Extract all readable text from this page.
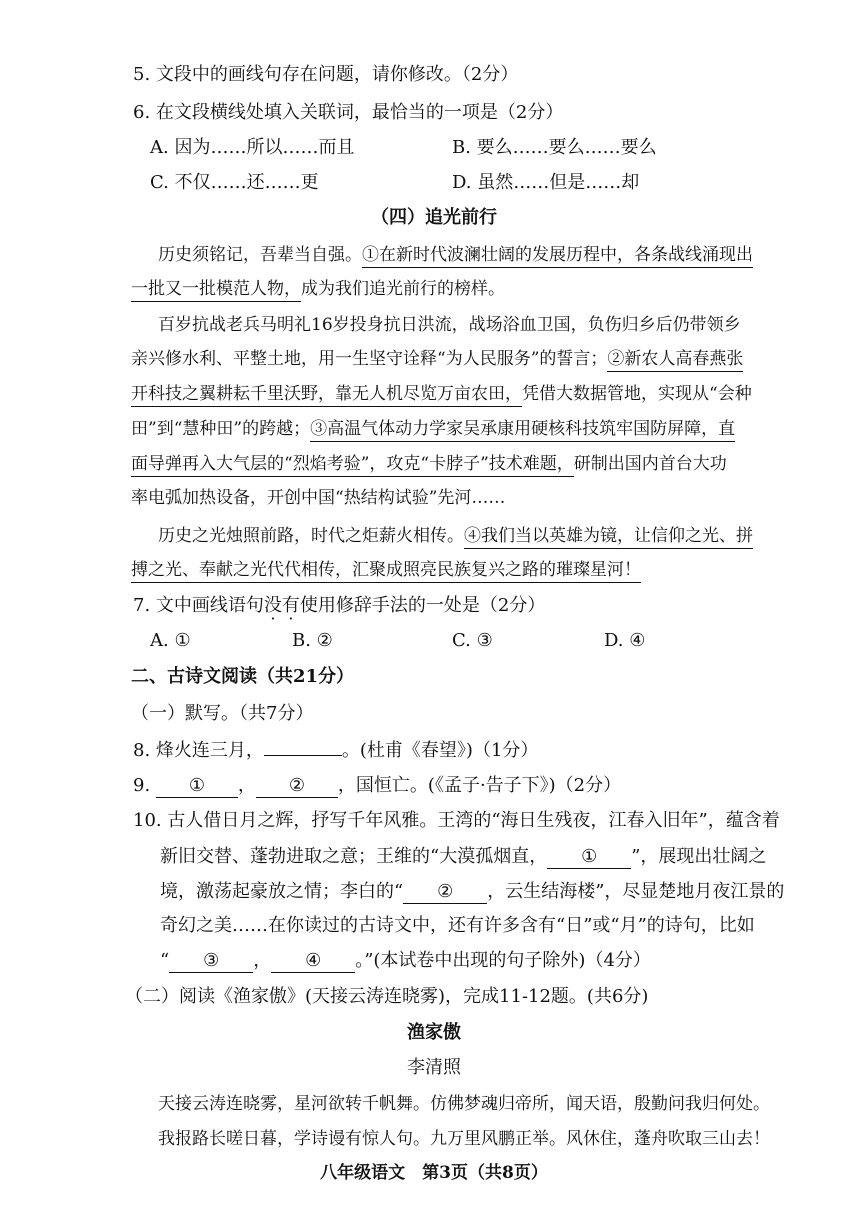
5. 文段中的画线句存在问题，请你修改。（2分）
6. 在文段横线处填入关联词，最恰当的一项是（2分）
A. 因为……所以……而且	B. 要么……要么……要么
C. 不仅……还……更	D. 虽然……但是……却
（四）追光前行
历史须铭记，吾辈当自强。①在新时代波澜壮阔的发展历程中，各条战线涌现出
一批又一批模范人物，成为我们追光前行的榜样。
百岁抗战老兵马明礼16岁投身抗日洪流，战场浴血卫国，负伤归乡后仍带领乡
亲兴修水利、平整土地，用一生坚守诠释“为人民服务”的誓言；②新农人高春燕张
开科技之翼耕耘千里沃野，靠无人机尽览万亩农田，凭借大数据管地，实现从“会种
田”到“慧种田”的跨越；③高温气体动力学家吴承康用硬核科技筑牢国防屏障，直
面导弹再入大气层的“烈焰考验”，攻克“卡脖子”技术难题，研制出国内首台大功
率电弧加热设备，开创中国“热结构试验”先河……
历史之光烛照前路，时代之炬薪火相传。④我们当以英雄为镜，让信仰之光、拼
搏之光、奉献之光代代相传，汇聚成照亮民族复兴之路的璀璨星河！
7. 文中画线语句没有使用修辞手法的一处是（2分）
A. ①	B. ②	C. ③	D. ④
二、古诗文阅读（共21分）
（一）默写。（共7分）
8. 烽火连三月，	。(杜甫《春望》)（1分）
9. ① ， ② ，国恒亡。(《孟子·告子下》)（2分）
10. 古人借日月之辉，抒写千年风雅。王湾的“海日生残夜，江春入旧年”，蕴含着
新旧交替、蓬勃进取之意；王维的“大漠孤烟直， ① ”，展现出壮阔之
境，激荡起豪放之情；李白的“ ② ，云生结海楼”，尽显楚地月夜江景的
奇幻之美……在你读过的古诗文中，还有许多含有“日”或“月”的诗句，比如
“ ③ ， ④ 。”(本试卷中出现的句子除外)（4分）
（二）阅读《渔家傲》(天接云涛连晓雾)，完成11-12题。(共6分)
渔家傲
李清照
天接云涛连晓雾，星河欲转千帆舞。仿佛梦魂归帝所，闻天语，殷勤问我归何处。
我报路长嗟日暮，学诗谩有惊人句。九万里风鹏正举。风休住，蓬舟吹取三山去！
八年级语文　第3页（共8页）
